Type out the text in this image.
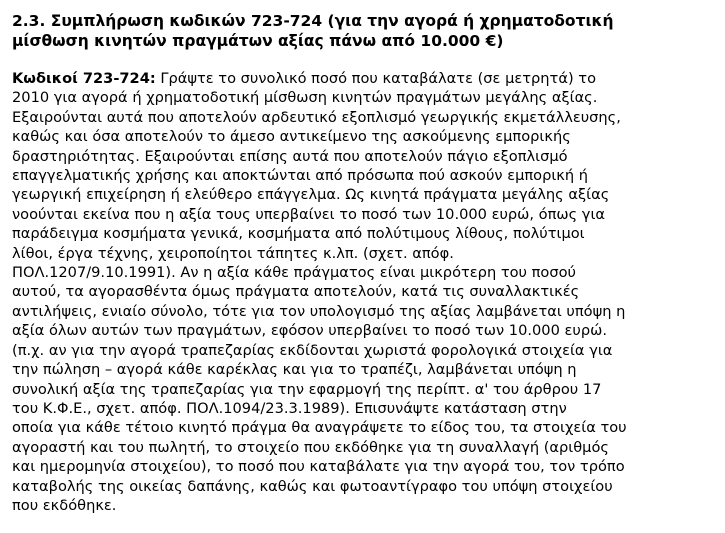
2.3. Συμπλήρωση κωδικών 723-724 (για την αγορά ή χρηματοδοτική
μίσθωση κινητών πραγμάτων αξίας πάνω από 10.000 €)
Κωδικοί 723-724: Γράψτε το συνολικό ποσό που καταβάλατε (σε μετρητά) το
2010 για αγορά ή χρηματοδοτική μίσθωση κινητών πραγμάτων μεγάλης αξίας.
Εξαιρούνται αυτά που αποτελούν αρδευτικό εξοπλισμό γεωργικής εκμετάλλευσης,
καθώς και όσα αποτελούν το άμεσο αντικείμενο της ασκούμενης εμπορικής
δραστηριότητας. Εξαιρούνται επίσης αυτά που αποτελούν πάγιο εξοπλισμό
επαγγελματικής χρήσης και αποκτώνται από πρόσωπα πού ασκούν εμπορική ή
γεωργική επιχείρηση ή ελεύθερο επάγγελμα. Ως κινητά πράγματα μεγάλης αξίας
νοούνται εκείνα που η αξία τους υπερβαίνει το ποσό των 10.000 ευρώ, όπως για
παράδειγμα κοσμήματα γενικά, κοσμήματα από πολύτιμους λίθους, πολύτιμοι
λίθοι, έργα τέχνης, χειροποίητοι τάπητες κ.λπ. (σχετ. απόφ.
ΠΟΛ.1207/9.10.1991). Αν η αξία κάθε πράγματος είναι μικρότερη του ποσού
αυτού, τα αγορασθέντα όμως πράγματα αποτελούν, κατά τις συναλλακτικές
αντιλήψεις, ενιαίο σύνολο, τότε για τον υπολογισμό της αξίας λαμβάνεται υπόψη η
αξία όλων αυτών των πραγμάτων, εφόσον υπερβαίνει το ποσό των 10.000 ευρώ.
(π.χ. αν για την αγορά τραπεζαρίας εκδίδονται χωριστά φορολογικά στοιχεία για
την πώληση – αγορά κάθε καρέκλας και για το τραπέζι, λαμβάνεται υπόψη η
συνολική αξία της τραπεζαρίας για την εφαρμογή της περίπτ. α' του άρθρου 17
του Κ.Φ.Ε., σχετ. απόφ. ΠΟΛ.1094/23.3.1989). Επισυνάψτε κατάσταση στην
οποία για κάθε τέτοιο κινητό πράγμα θα αναγράψετε το είδος του, τα στοιχεία του
αγοραστή και του πωλητή, το στοιχείο που εκδόθηκε για τη συναλλαγή (αριθμός
και ημερομηνία στοιχείου), το ποσό που καταβάλατε για την αγορά του, τον τρόπο
καταβολής της οικείας δαπάνης, καθώς και φωτοαντίγραφο του υπόψη στοιχείου
που εκδόθηκε.
